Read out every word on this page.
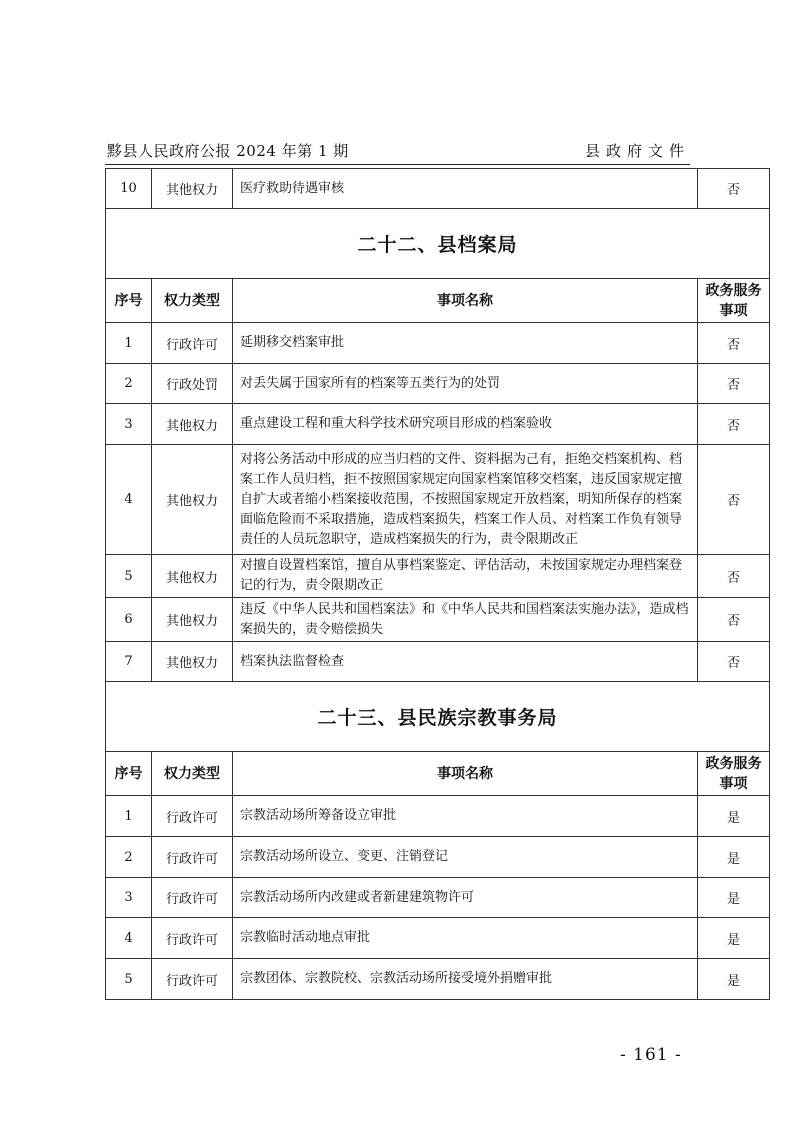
黟县人民政府公报 2024 年第 1 期	县政府文件
10	其他权力	医疗救助待遇审核	否
二十二、县档案局			
序号	权力类型	事项名称	政务服务事项
1	行政许可	延期移交档案审批	否
2	行政处罚	对丢失属于国家所有的档案等五类行为的处罚	否
3	其他权力	重点建设工程和重大科学技术研究项目形成的档案验收	否
4	其他权力	对将公务活动中形成的应当归档的文件、资料据为己有，拒绝交档案机构、档案工作人员归档，拒不按照国家规定向国家档案馆移交档案，违反国家规定擅自扩大或者缩小档案接收范围，不按照国家规定开放档案，明知所保存的档案面临危险而不采取措施，造成档案损失，档案工作人员、对档案工作负有领导责任的人员玩忽职守，造成档案损失的行为，责令限期改正	否
5	其他权力	对擅自设置档案馆，擅自从事档案鉴定、评估活动，未按国家规定办理档案登记的行为，责令限期改正	否
6	其他权力	违反《中华人民共和国档案法》和《中华人民共和国档案法实施办法》，造成档案损失的，责令赔偿损失	否
7	其他权力	档案执法监督检查	否
二十三、县民族宗教事务局			
序号	权力类型	事项名称	政务服务事项
1	行政许可	宗教活动场所筹备设立审批	是
2	行政许可	宗教活动场所设立、变更、注销登记	是
3	行政许可	宗教活动场所内改建或者新建建筑物许可	是
4	行政许可	宗教临时活动地点审批	是
5	行政许可	宗教团体、宗教院校、宗教活动场所接受境外捐赠审批	是
- 161 -
